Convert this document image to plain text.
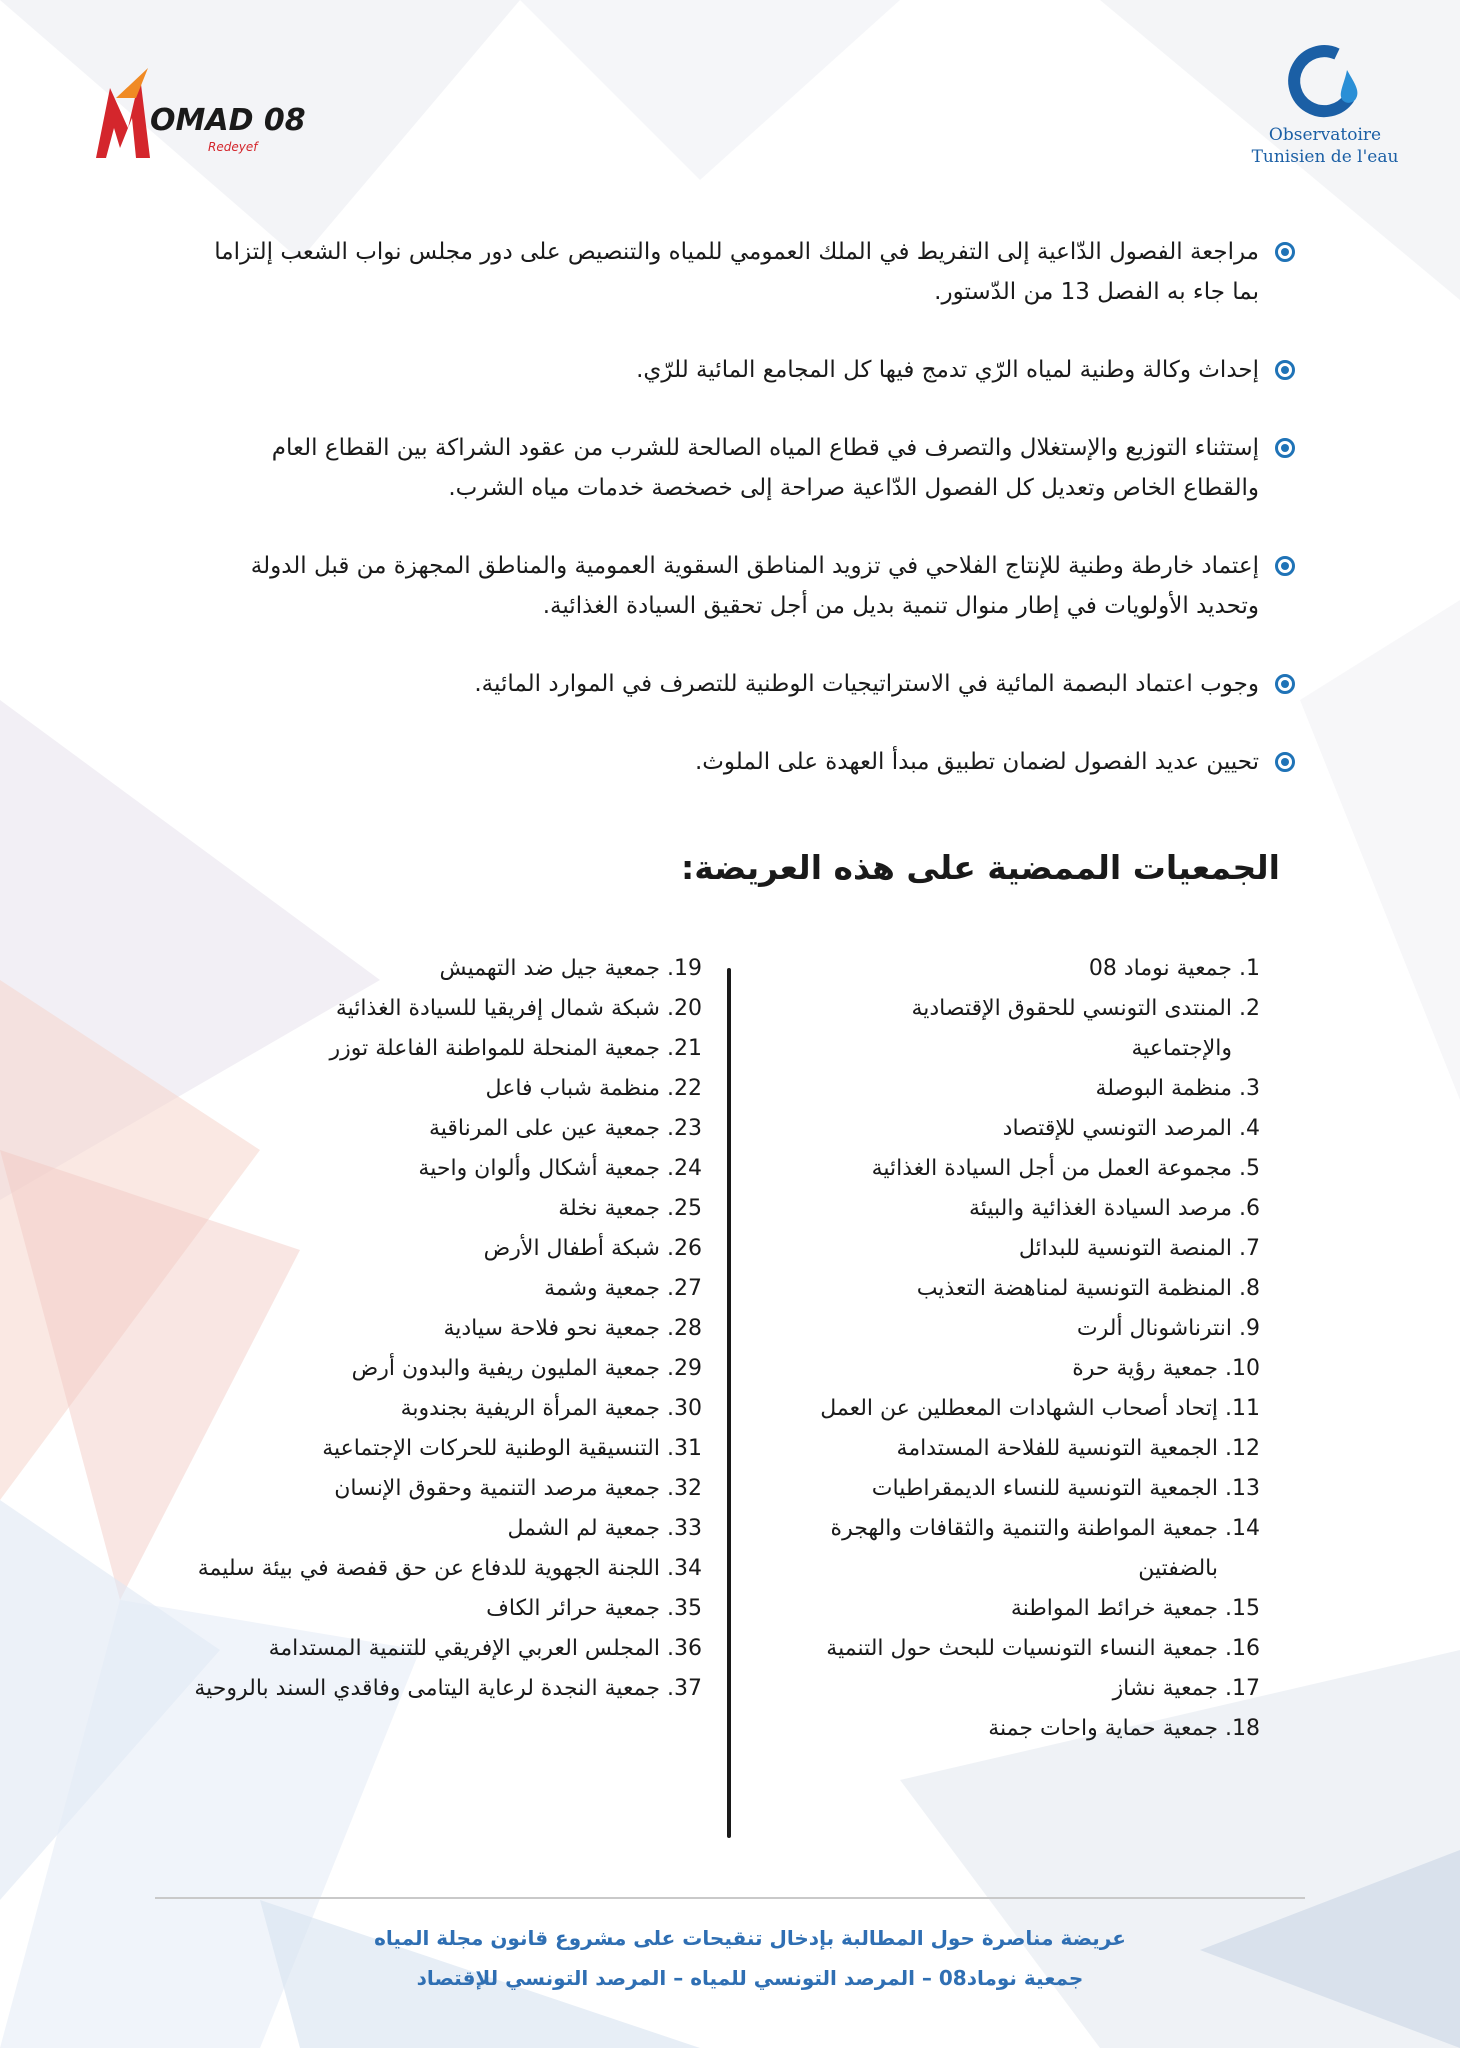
OMAD 08
Redeyef
Observatoire
Tunisien de l'eau
مراجعة الفصول الدّاعية إلى التفريط في الملك العمومي للمياه والتنصيص على دور مجلس نواب الشعب إلتزاما بما جاء به الفصل 13 من الدّستور.
إحداث وكالة وطنية لمياه الرّي تدمج فيها كل المجامع المائية للرّي.
إستثناء التوزيع والإستغلال والتصرف في قطاع المياه الصالحة للشرب من عقود الشراكة بين القطاع العام والقطاع الخاص وتعديل كل الفصول الدّاعية صراحة إلى خصخصة خدمات مياه الشرب.
إعتماد خارطة وطنية للإنتاج الفلاحي في تزويد المناطق السقوية العمومية والمناطق المجهزة من قبل الدولة وتحديد الأولويات في إطار منوال تنمية بديل من أجل تحقيق السيادة الغذائية.
وجوب اعتماد البصمة المائية في الاستراتيجيات الوطنية للتصرف في الموارد المائية.
تحيين عديد الفصول لضمان تطبيق مبدأ العهدة على الملوث.
الجمعيات الممضية على هذه العريضة:
1 .
جمعية نوماد 08
2 .
المنتدى التونسي للحقوق الإقتصادية والإجتماعية
3 .
منظمة البوصلة
4 .
المرصد التونسي للإقتصاد
5 .
مجموعة العمل من أجل السيادة الغذائية
6 .
مرصد السيادة الغذائية والبيئة
7 .
المنصة التونسية للبدائل
8 .
المنظمة التونسية لمناهضة التعذيب
9 .
انترناشونال ألرت
10 .
جمعية رؤية حرة
11 .
إتحاد أصحاب الشهادات المعطلين عن العمل
12 .
الجمعية التونسية للفلاحة المستدامة
13 .
الجمعية التونسية للنساء الديمقراطيات
14 .
جمعية المواطنة والتنمية والثقافات والهجرة بالضفتين
15 .
جمعية خرائط المواطنة
16 .
جمعية النساء التونسيات للبحث حول التنمية
17 .
جمعية نشاز
18 .
جمعية حماية واحات جمنة
19 .
جمعية جيل ضد التهميش
20 .
شبكة شمال إفريقيا للسيادة الغذائية
21 .
جمعية المنحلة للمواطنة الفاعلة توزر
22 .
منظمة شباب فاعل
23 .
جمعية عين على المرناقية
24 .
جمعية أشكال وألوان واحية
25 .
جمعية نخلة
26 .
شبكة أطفال الأرض
27 .
جمعية وشمة
28 .
جمعية نحو فلاحة سيادية
29 .
جمعية المليون ريفية والبدون أرض
30 .
جمعية المرأة الريفية بجندوبة
31 .
التنسيقية الوطنية للحركات الإجتماعية
32 .
جمعية مرصد التنمية وحقوق الإنسان
33 .
جمعية لم الشمل
34 .
اللجنة الجهوية للدفاع عن حق قفصة في بيئة سليمة
35 .
جمعية حرائر الكاف
36 .
المجلس العربي الإفريقي للتنمية المستدامة
37 .
جمعية النجدة لرعاية اليتامى وفاقدي السند بالروحية
عريضة مناصرة حول المطالبة بإدخال تنقيحات على مشروع قانون مجلة المياه
جمعية نوماد08 – المرصد التونسي للمياه – المرصد التونسي للإقتصاد
